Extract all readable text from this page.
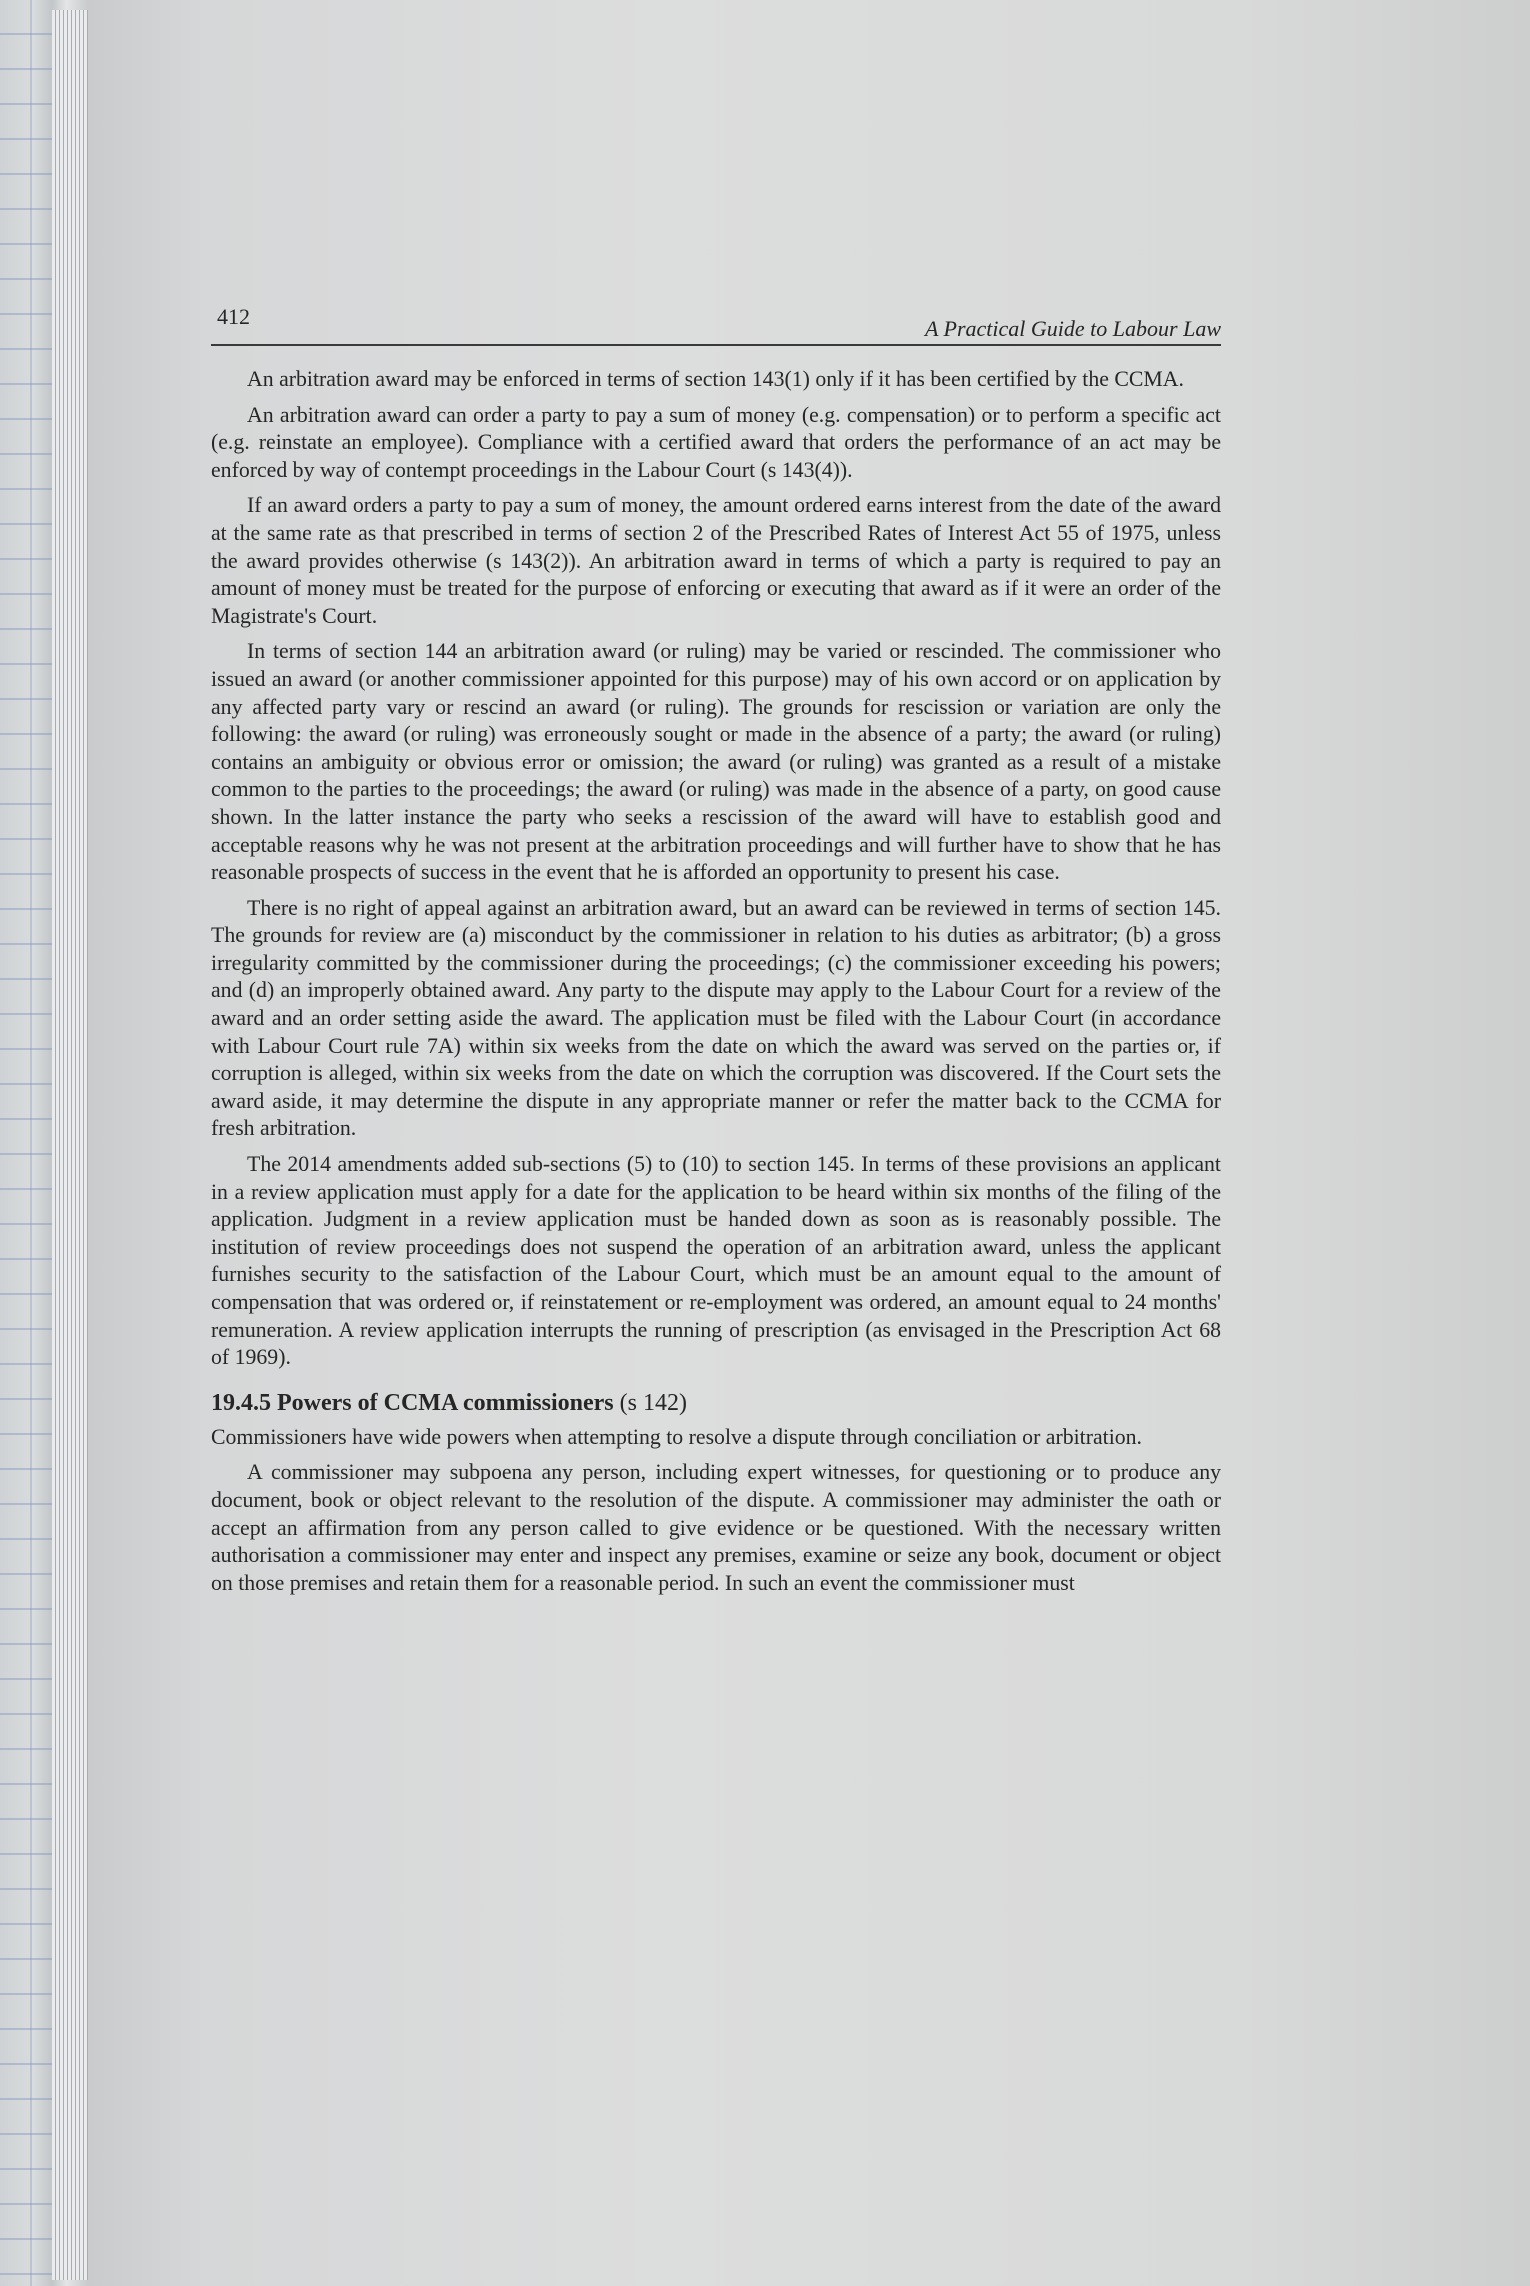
412	A Practical Guide to Labour Law

An arbitration award may be enforced in terms of section 143(1) only if it has been certified by the CCMA.

An arbitration award can order a party to pay a sum of money (e.g. compensation) or to perform a specific act (e.g. reinstate an employee). Compliance with a certified award that orders the performance of an act may be enforced by way of contempt proceedings in the Labour Court (s 143(4)).

If an award orders a party to pay a sum of money, the amount ordered earns interest from the date of the award at the same rate as that prescribed in terms of section 2 of the Prescribed Rates of Interest Act 55 of 1975, unless the award provides otherwise (s 143(2)). An arbitration award in terms of which a party is required to pay an amount of money must be treated for the purpose of enforcing or executing that award as if it were an order of the Magistrate's Court.

In terms of section 144 an arbitration award (or ruling) may be varied or rescinded. The commissioner who issued an award (or another commissioner appointed for this purpose) may of his own accord or on application by any affected party vary or rescind an award (or ruling). The grounds for rescission or variation are only the following: the award (or ruling) was erroneously sought or made in the absence of a party; the award (or ruling) contains an ambiguity or obvious error or omission; the award (or ruling) was granted as a result of a mistake common to the parties to the proceedings; the award (or ruling) was made in the absence of a party, on good cause shown. In the latter instance the party who seeks a rescission of the award will have to establish good and acceptable reasons why he was not present at the arbitration proceedings and will further have to show that he has reasonable prospects of success in the event that he is afforded an opportunity to present his case.

There is no right of appeal against an arbitration award, but an award can be reviewed in terms of section 145. The grounds for review are (a) misconduct by the commissioner in relation to his duties as arbitrator; (b) a gross irregularity committed by the commissioner during the proceedings; (c) the commissioner exceeding his powers; and (d) an improperly obtained award. Any party to the dispute may apply to the Labour Court for a review of the award and an order setting aside the award. The application must be filed with the Labour Court (in accordance with Labour Court rule 7A) within six weeks from the date on which the award was served on the parties or, if corruption is alleged, within six weeks from the date on which the corruption was discovered. If the Court sets the award aside, it may determine the dispute in any appropriate manner or refer the matter back to the CCMA for fresh arbitration.

The 2014 amendments added sub-sections (5) to (10) to section 145. In terms of these provisions an applicant in a review application must apply for a date for the application to be heard within six months of the filing of the application. Judgment in a review application must be handed down as soon as is reasonably possible. The institution of review proceedings does not suspend the operation of an arbitration award, unless the applicant furnishes security to the satisfaction of the Labour Court, which must be an amount equal to the amount of compensation that was ordered or, if reinstatement or re-employment was ordered, an amount equal to 24 months' remuneration. A review application interrupts the running of prescription (as envisaged in the Prescription Act 68 of 1969).

19.4.5 Powers of CCMA commissioners (s 142)

Commissioners have wide powers when attempting to resolve a dispute through conciliation or arbitration.

A commissioner may subpoena any person, including expert witnesses, for questioning or to produce any document, book or object relevant to the resolution of the dispute. A commissioner may administer the oath or accept an affirmation from any person called to give evidence or be questioned. With the necessary written authorisation a commissioner may enter and inspect any premises, examine or seize any book, document or object on those premises and retain them for a reasonable period. In such an event the commissioner must
